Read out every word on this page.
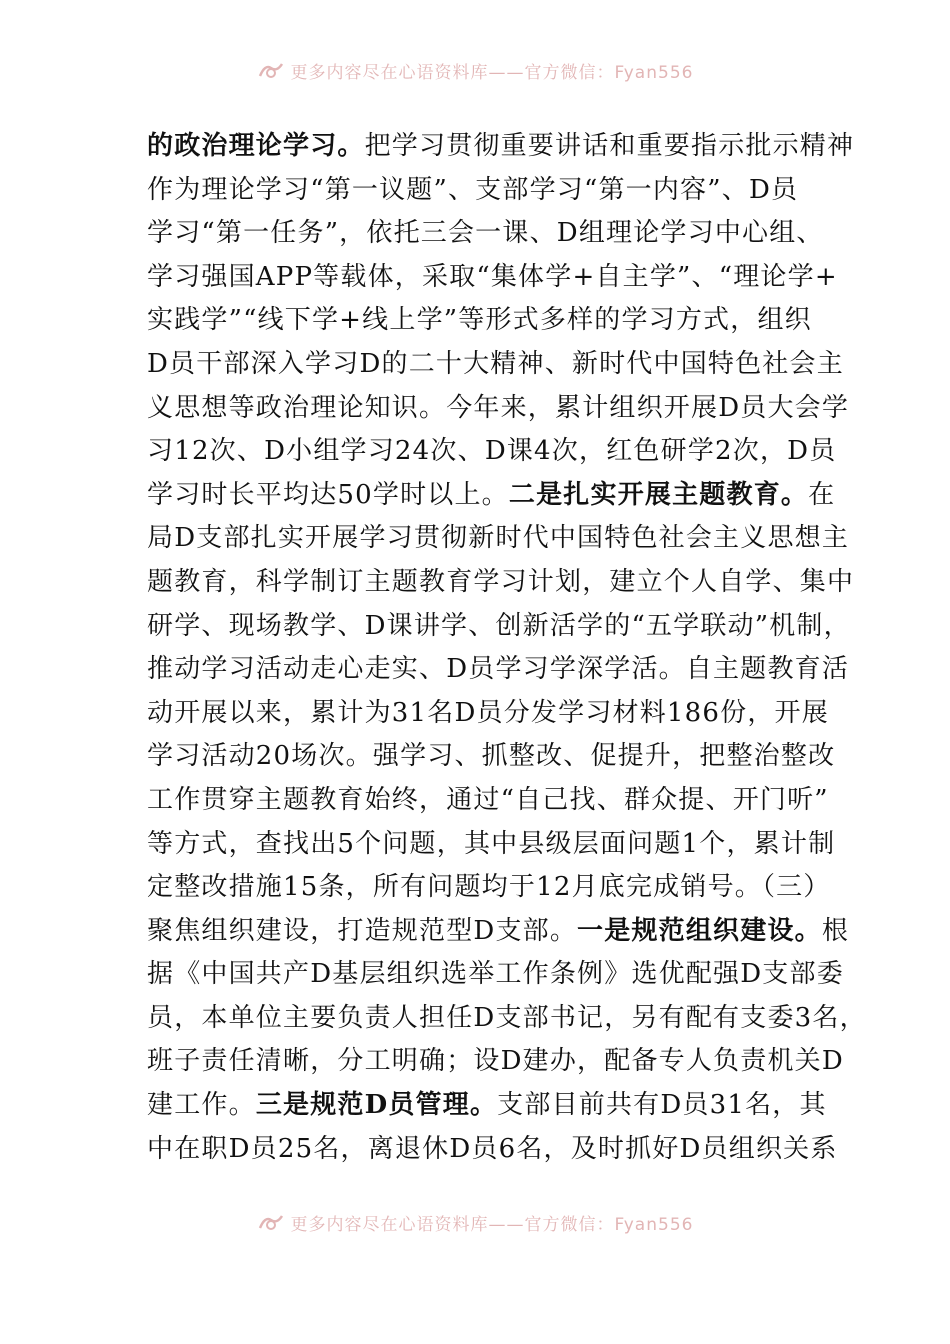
更多内容尽在心语资料库——官方微信：Fyan556
的政治理论学习。把学习贯彻重要讲话和重要指示批示精神
作为理论学习“第一议题”、支部学习“第一内容”、D员
学习“第一任务”，依托三会一课、D组理论学习中心组、
学习强国APP等载体，采取“集体学+自主学”、“理论学+
实践学”“线下学+线上学”等形式多样的学习方式，组织
D员干部深入学习D的二十大精神、新时代中国特色社会主
义思想等政治理论知识。今年来，累计组织开展D员大会学
习12次、D小组学习24次、D课4次，红色研学2次，D员
学习时长平均达50学时以上。二是扎实开展主题教育。在
局D支部扎实开展学习贯彻新时代中国特色社会主义思想主
题教育，科学制订主题教育学习计划，建立个人自学、集中
研学、现场教学、D课讲学、创新活学的“五学联动”机制，
推动学习活动走心走实、D员学习学深学活。自主题教育活
动开展以来，累计为31名D员分发学习材料186份，开展
学习活动20场次。强学习、抓整改、促提升，把整治整改
工作贯穿主题教育始终，通过“自己找、群众提、开门听”
等方式，查找出5个问题，其中县级层面问题1个，累计制
定整改措施15条，所有问题均于12月底完成销号。（三）
聚焦组织建设，打造规范型D支部。一是规范组织建设。根
据《中国共产D基层组织选举工作条例》选优配强D支部委
员，本单位主要负责人担任D支部书记，另有配有支委3名，
班子责任清晰，分工明确；设D建办，配备专人负责机关D
建工作。三是规范D员管理。支部目前共有D员31名，其
中在职D员25名，离退休D员6名，及时抓好D员组织关系
更多内容尽在心语资料库——官方微信：Fyan556
